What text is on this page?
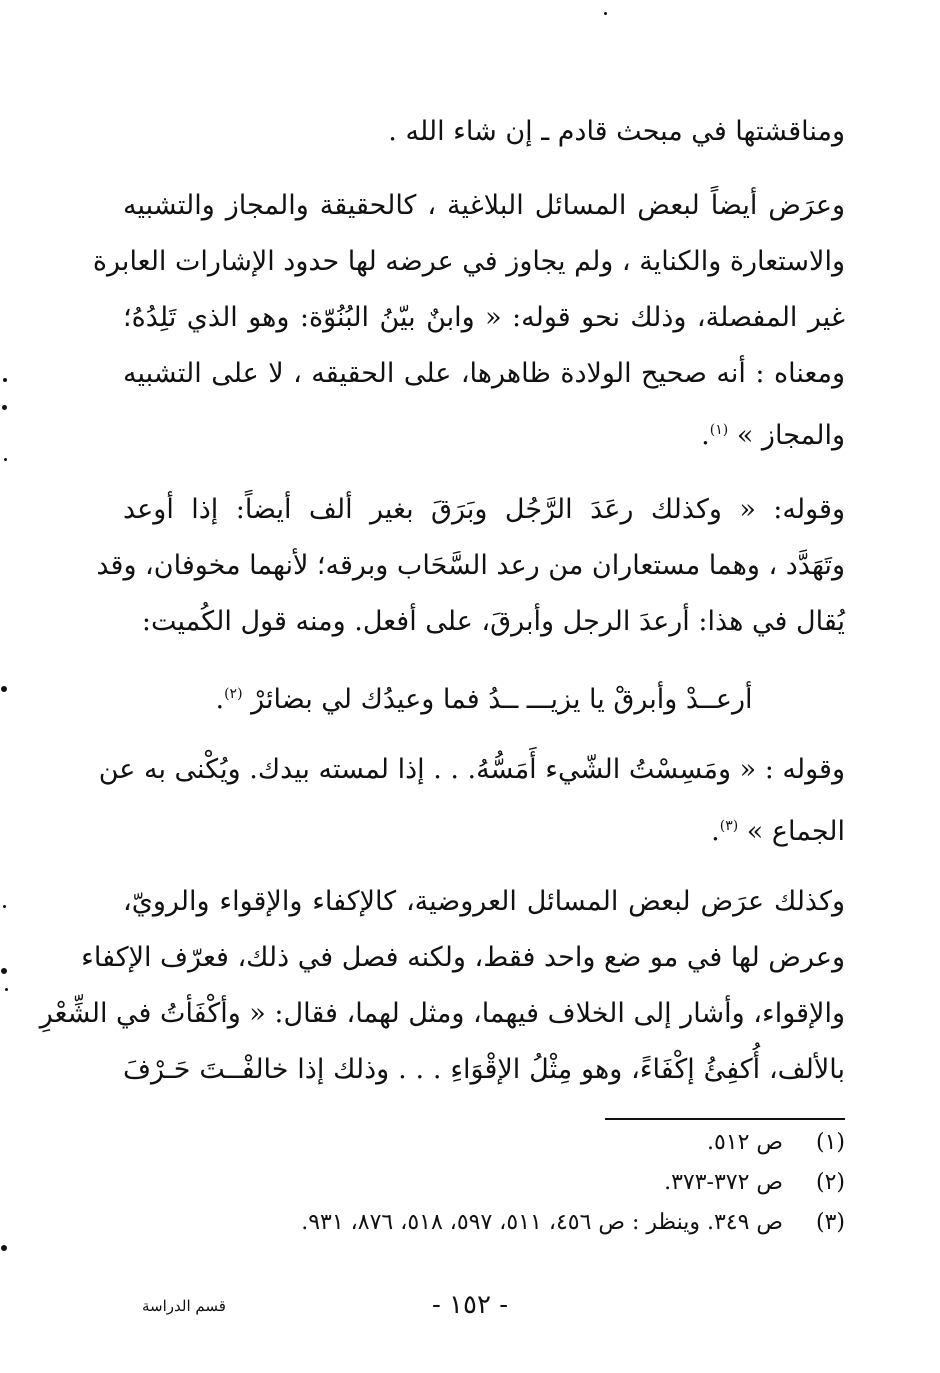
ومناقشتها في مبحث قادم ـ إن شاء الله .
وعرَض أيضاً لبعض المسائل البلاغية ، كالحقيقة والمجاز والتشبيه
والاستعارة والكناية ، ولم يجاوز في عرضه لها حدود الإشارات العابرة
غير المفصلة، وذلك نحو قوله: « وابنٌ بيّنُ البُنُوّة: وهو الذي تَلِدُهُ؛
ومعناه : أنه صحيح الولادة ظاهرها، على الحقيقه ، لا على التشبيه
والمجاز » $^{(١)}$.
وقوله: « وكذلك رعَدَ الرَّجُل وبَرَقَ بغير ألف أيضاً: إذا أوعد
وتَهَدَّد ، وهما مستعاران من رعد السَّحَاب وبرقه؛ لأنهما مخوفان، وقد
يُقال في هذا: أرعدَ الرجل وأبرقَ، على أفعل. ومنه قول الكُميت:
أرعــدْ وأبرقْ يا يزيـــ ــدُ فما وعيدُك لي بضائرْ $^{(٢)}$.
وقوله : « ومَسِسْتُ الشّيء أَمَسُّهُ. . . إذا لمسته بيدك. ويُكْنى به عن
الجماع » $^{(٣)}$.
وكذلك عرَض لبعض المسائل العروضية، كالإكفاء والإقواء والرويّ،
وعرض لها في مو ضع واحد فقط، ولكنه فصل في ذلك، فعرّف الإكفاء
والإقواء، وأشار إلى الخلاف فيهما، ومثل لهما، فقال: « وأكْفَأتُ في الشِّعْرِ
بالألف، أُكفِئُ إكْفَاءً، وهو مِثْلُ الإقْوَاءِ . . . وذلك إذا خالفْــتَ حَـرْفَ
(١)ص ٥١٢.
(٢)ص ٣٧٢-٣٧٣.
(٣)ص ٣٤٩. وينظر : ص ٤٥٦، ٥١١، ٥٩٧، ٥١٨، ٨٧٦، ٩٣١.
- ١٥٢ -
قسم الدراسة
